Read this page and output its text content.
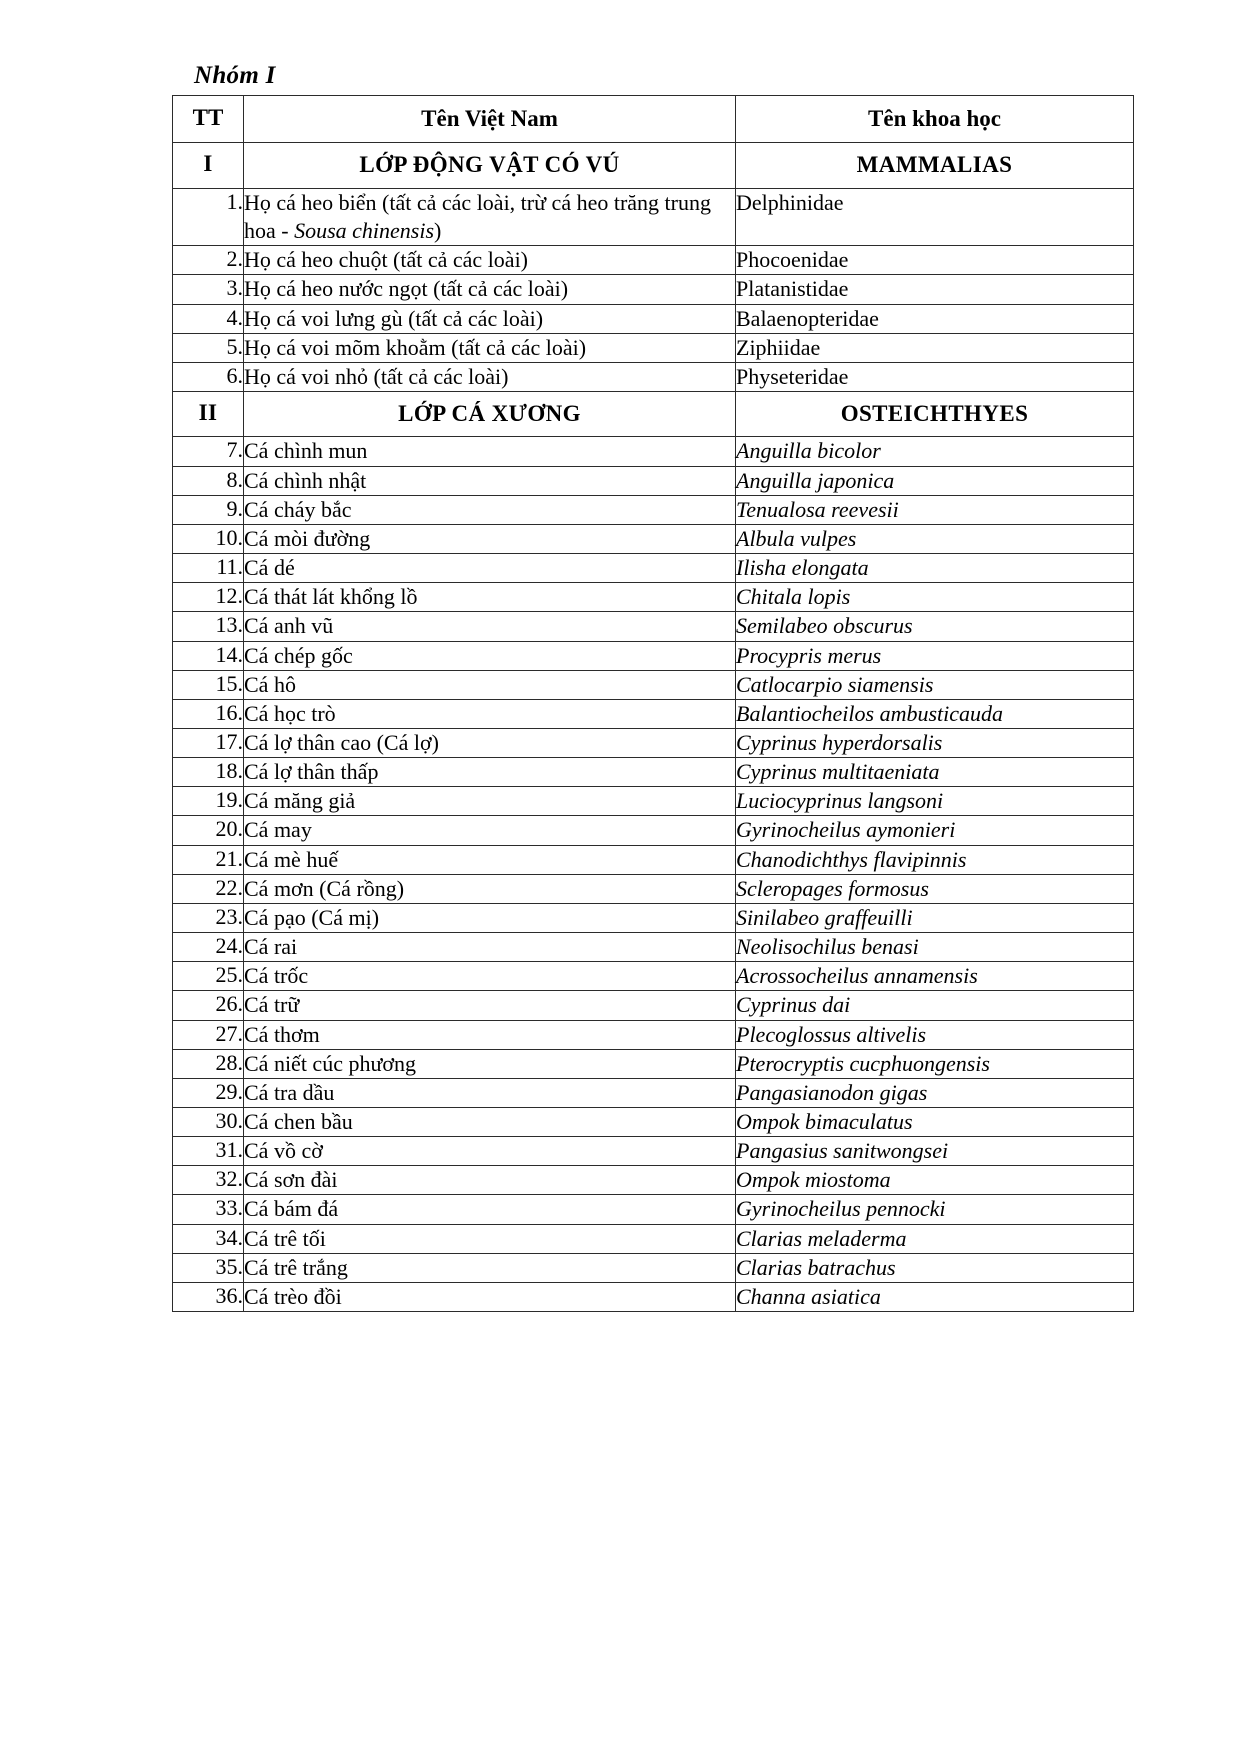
Nhóm I
TT	Tên Việt Nam	Tên khoa học
I	LỚP ĐỘNG VẬT CÓ VÚ	MAMMALIAS
1.	Họ cá heo biển (tất cả các loài, trừ cá heo trăng trung hoa - Sousa chinensis)	Delphinidae
2.	Họ cá heo chuột (tất cả các loài)	Phocoenidae
3.	Họ cá heo nước ngọt (tất cả các loài)	Platanistidae
4.	Họ cá voi lưng gù (tất cả các loài)	Balaenopteridae
5.	Họ cá voi mõm khoằm (tất cả các loài)	Ziphiidae
6.	Họ cá voi nhỏ (tất cả các loài)	Physeteridae
II	LỚP CÁ XƯƠNG	OSTEICHTHYES
7.	Cá chình mun	Anguilla bicolor
8.	Cá chình nhật	Anguilla japonica
9.	Cá cháy bắc	Tenualosa reevesii
10.	Cá mòi đường	Albula vulpes
11.	Cá dé	Ilisha elongata
12.	Cá thát lát khổng lồ	Chitala lopis
13.	Cá anh vũ	Semilabeo obscurus
14.	Cá chép gốc	Procypris merus
15.	Cá hô	Catlocarpio siamensis
16.	Cá học trò	Balantiocheilos ambusticauda
17.	Cá lợ thân cao (Cá lợ)	Cyprinus hyperdorsalis
18.	Cá lợ thân thấp	Cyprinus multitaeniata
19.	Cá măng giả	Luciocyprinus langsoni
20.	Cá may	Gyrinocheilus aymonieri
21.	Cá mè huế	Chanodichthys flavipinnis
22.	Cá mơn (Cá rồng)	Scleropages formosus
23.	Cá pạo (Cá mị)	Sinilabeo graffeuilli
24.	Cá rai	Neolisochilus benasi
25.	Cá trốc	Acrossocheilus annamensis
26.	Cá trữ	Cyprinus dai
27.	Cá thơm	Plecoglossus altivelis
28.	Cá niết cúc phương	Pterocryptis cucphuongensis
29.	Cá tra dầu	Pangasianodon gigas
30.	Cá chen bầu	Ompok bimaculatus
31.	Cá vồ cờ	Pangasius sanitwongsei
32.	Cá sơn đài	Ompok miostoma
33.	Cá bám đá	Gyrinocheilus pennocki
34.	Cá trê tối	Clarias meladerma
35.	Cá trê trắng	Clarias batrachus
36.	Cá trèo đồi	Channa asiatica
